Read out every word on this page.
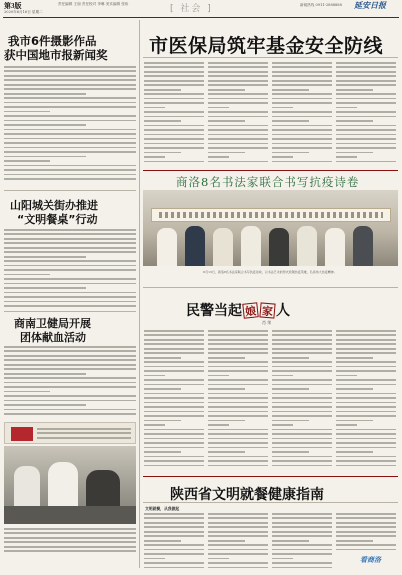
第3版
2020年6月16日 星期二
责任编辑 王朋 责任校对 李琳 美术编辑 张伟	[ 社会 ]	新闻热线 0911-2888888 延安日报
我市6件摄影作品
获中国地市报新闻奖
山阳城关街办推进
“文明餐桌”行动
商南卫健局开展
团体献血活动
市医保局筑牢基金安全防线
商洛8名书法家联合书写抗疫诗卷
6月13日，商洛8名书法家联合书写抗疫诗卷，以书法艺术的形式致敬抗疫英雄，弘扬伟大抗疫精神。
民警当起 娘 家 人
肖 荣
陕西省文明就餐健康指南
文明就餐，从我做起
看商洛
